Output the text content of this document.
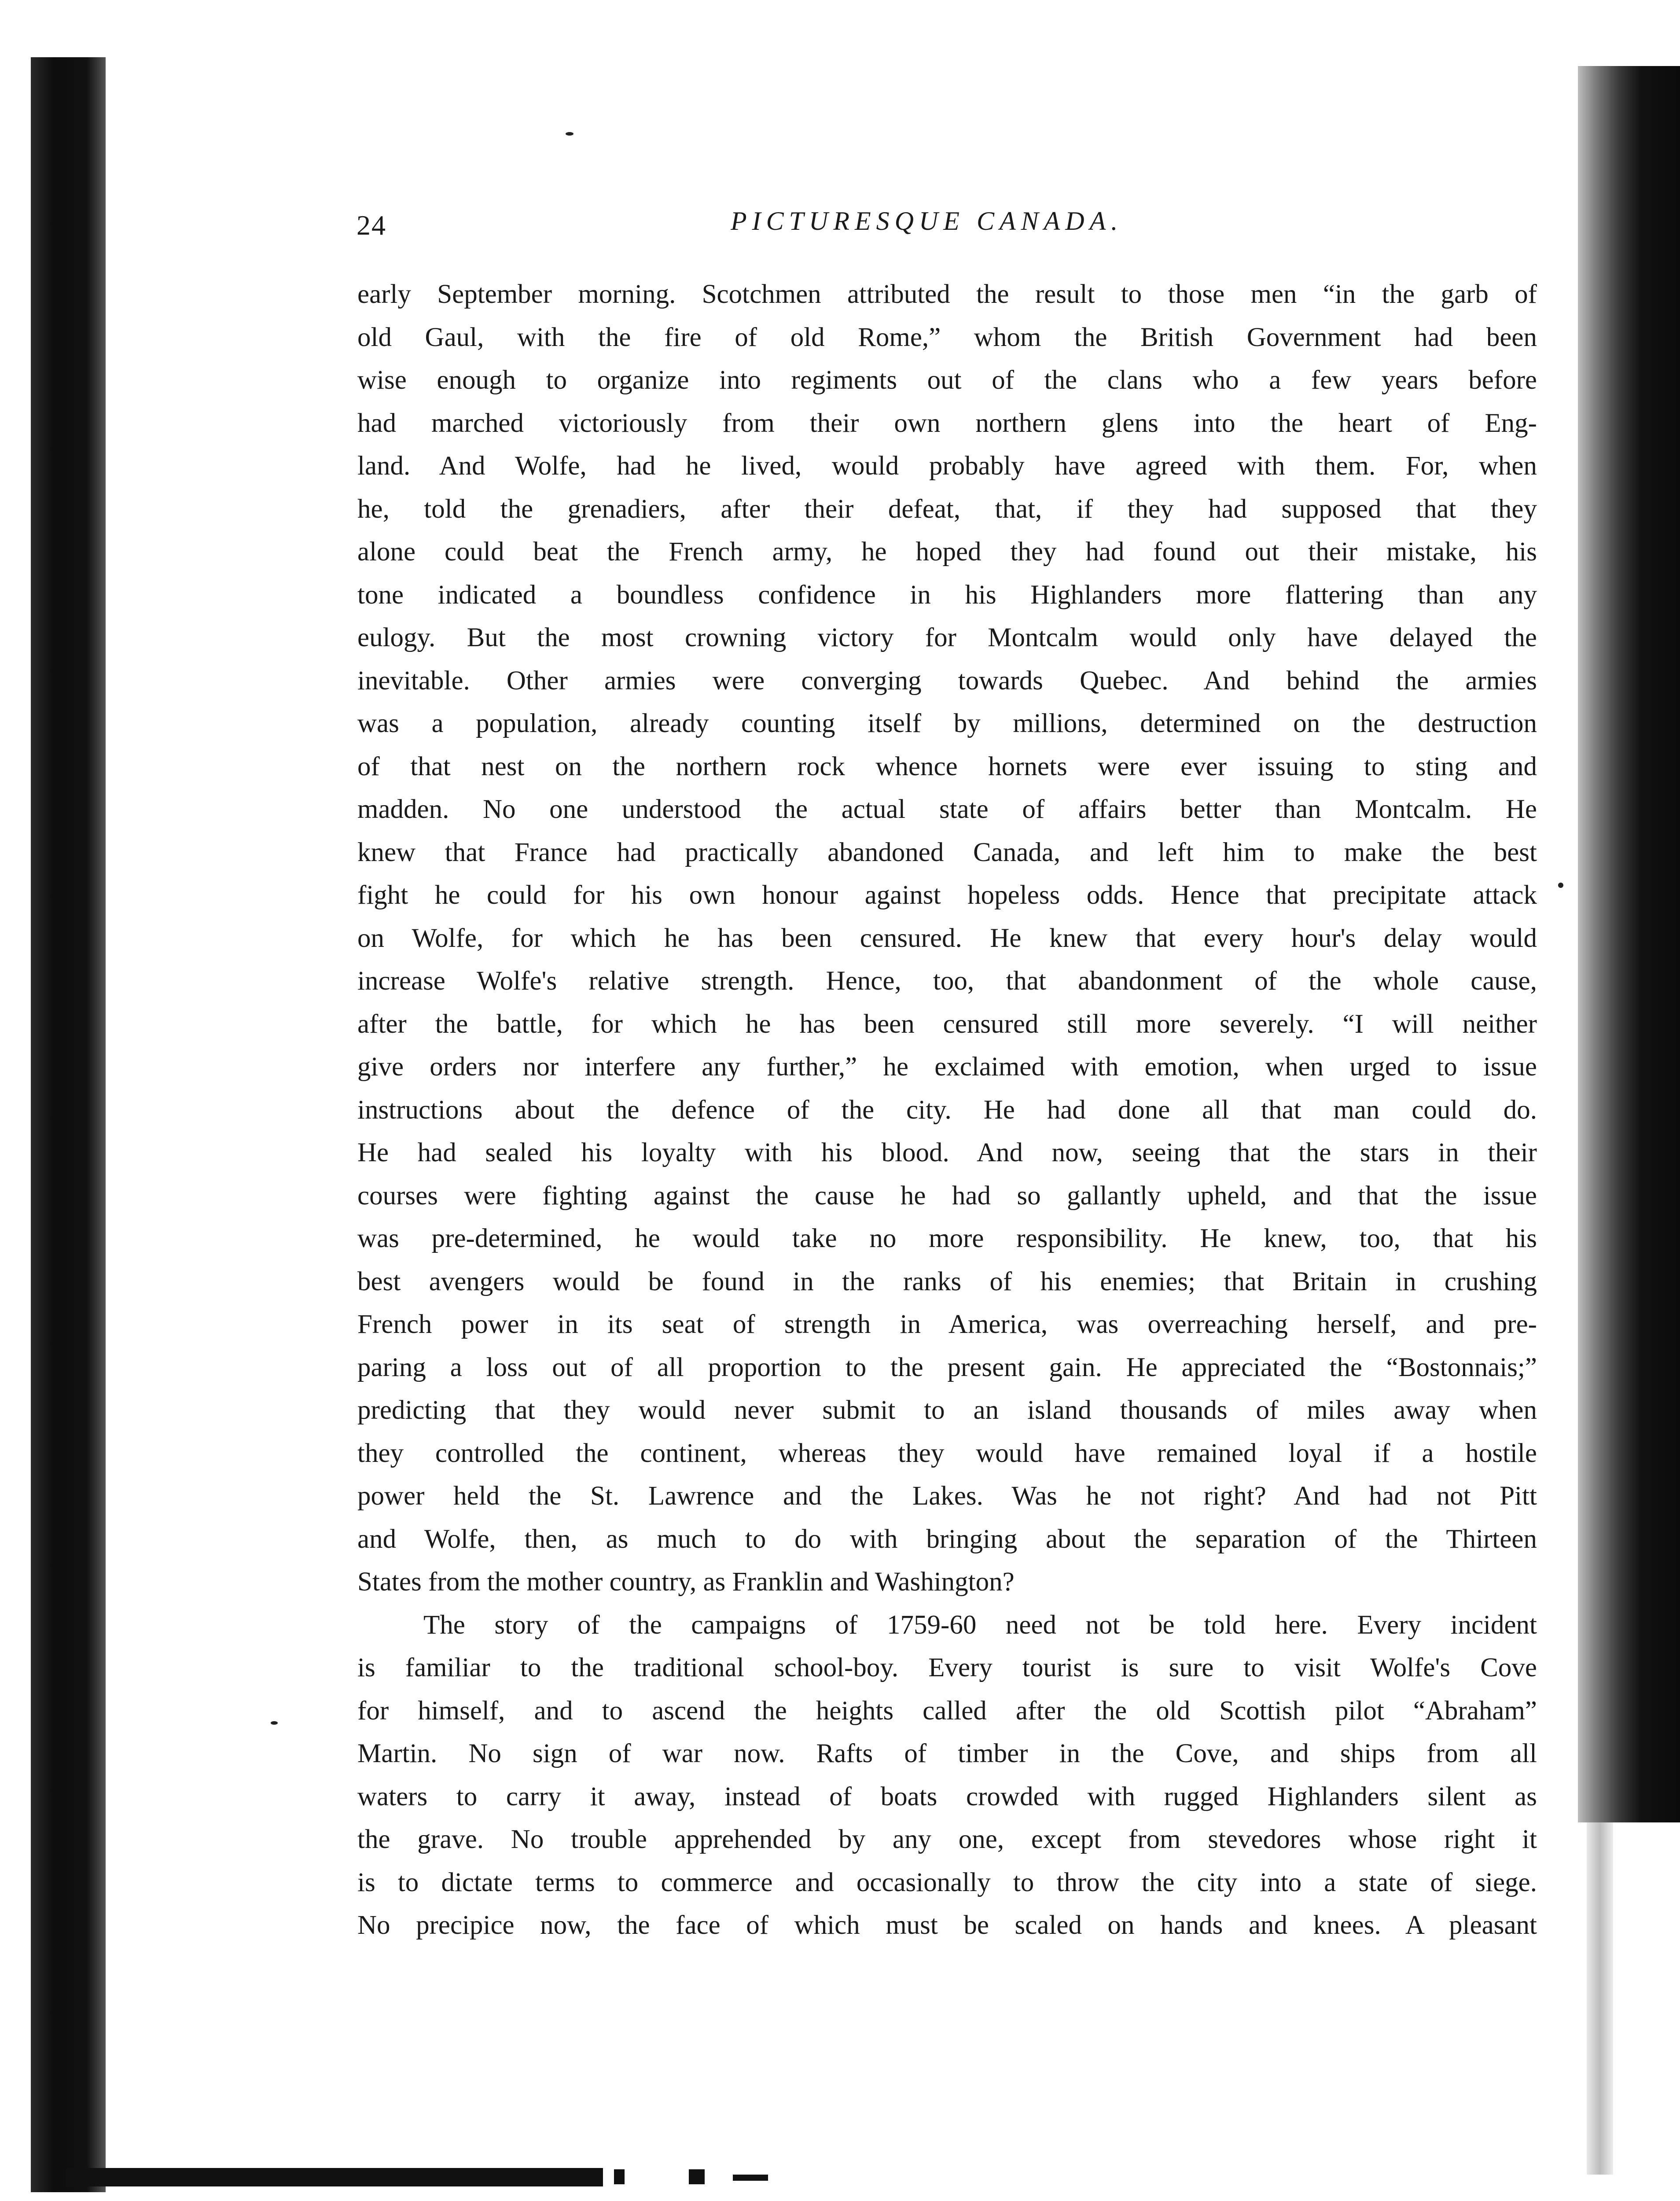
24	PICTURESQUE CANADA.
early September morning. Scotchmen attributed the result to those men “in the garb of
old Gaul, with the fire of old Rome,” whom the British Government had been
wise enough to organize into regiments out of the clans who a few years before
had marched victoriously from their own northern glens into the heart of Eng-
land. And Wolfe, had he lived, would probably have agreed with them. For, when
he, told the grenadiers, after their defeat, that, if they had supposed that they
alone could beat the French army, he hoped they had found out their mistake, his
tone indicated a boundless confidence in his Highlanders more flattering than any
eulogy. But the most crowning victory for Montcalm would only have delayed the
inevitable. Other armies were converging towards Quebec. And behind the armies
was a population, already counting itself by millions, determined on the destruction
of that nest on the northern rock whence hornets were ever issuing to sting and
madden. No one understood the actual state of affairs better than Montcalm. He
knew that France had practically abandoned Canada, and left him to make the best
fight he could for his own honour against hopeless odds. Hence that precipitate attack
on Wolfe, for which he has been censured. He knew that every hour's delay would
increase Wolfe's relative strength. Hence, too, that abandonment of the whole cause,
after the battle, for which he has been censured still more severely. “I will neither
give orders nor interfere any further,” he exclaimed with emotion, when urged to issue
instructions about the defence of the city. He had done all that man could do.
He had sealed his loyalty with his blood. And now, seeing that the stars in their
courses were fighting against the cause he had so gallantly upheld, and that the issue
was pre-determined, he would take no more responsibility. He knew, too, that his
best avengers would be found in the ranks of his enemies; that Britain in crushing
French power in its seat of strength in America, was overreaching herself, and pre-
paring a loss out of all proportion to the present gain. He appreciated the “Bostonnais;”
predicting that they would never submit to an island thousands of miles away when
they controlled the continent, whereas they would have remained loyal if a hostile
power held the St. Lawrence and the Lakes. Was he not right? And had not Pitt
and Wolfe, then, as much to do with bringing about the separation of the Thirteen
States from the mother country, as Franklin and Washington?
The story of the campaigns of 1759-60 need not be told here. Every incident
is familiar to the traditional school-boy. Every tourist is sure to visit Wolfe's Cove
for himself, and to ascend the heights called after the old Scottish pilot “Abraham”
Martin. No sign of war now. Rafts of timber in the Cove, and ships from all
waters to carry it away, instead of boats crowded with rugged Highlanders silent as
the grave. No trouble apprehended by any one, except from stevedores whose right it
is to dictate terms to commerce and occasionally to throw the city into a state of siege.
No precipice now, the face of which must be scaled on hands and knees. A pleasant
